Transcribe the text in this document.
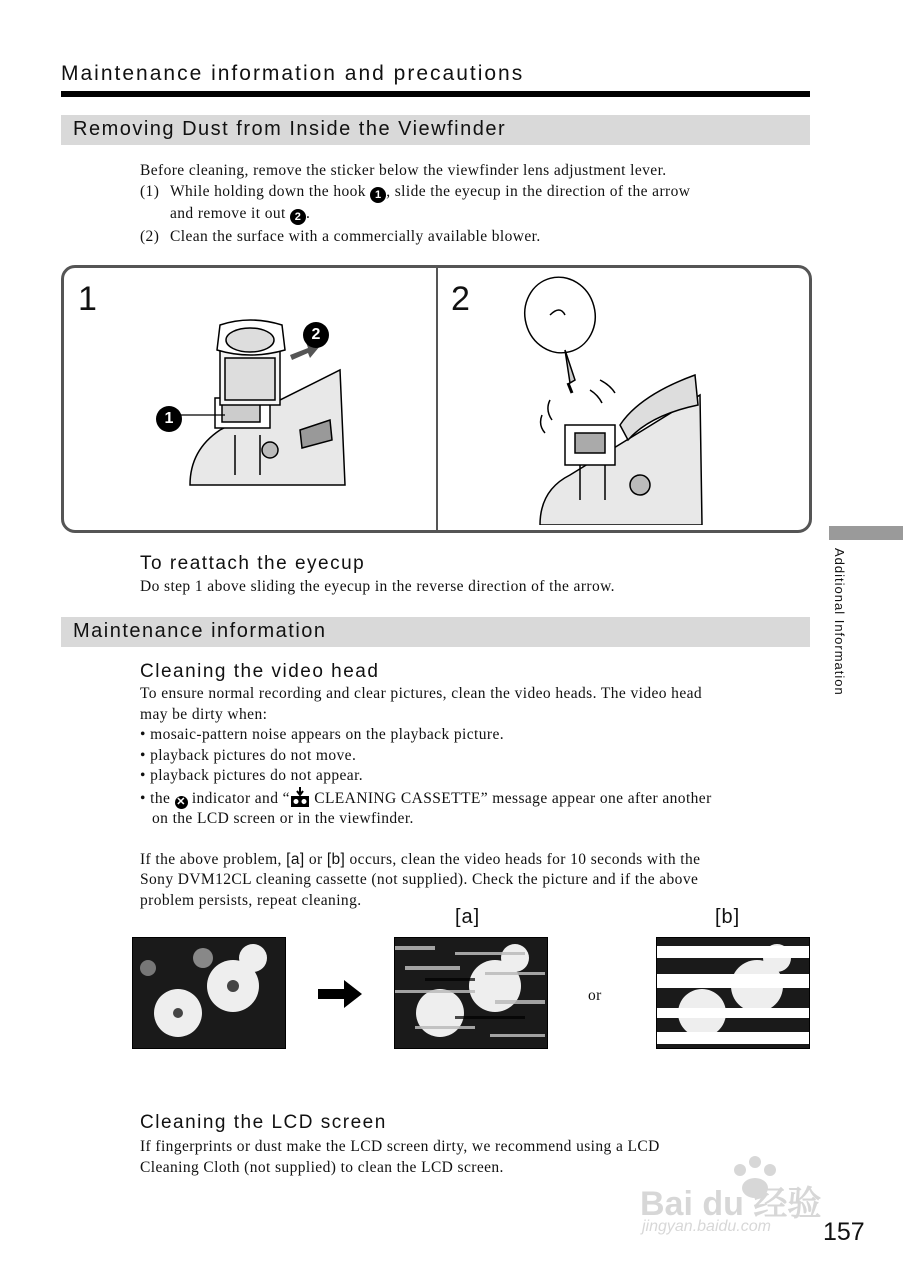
Maintenance information and precautions
Removing Dust from Inside the Viewfinder
Before cleaning, remove the sticker below the viewfinder lens adjustment lever.
(1) While holding down the hook 1 , slide the eyecup in the direction of the arrow
and remove it out 2 .
(2) Clean the surface with a commercially available blower.
1	2
2
1
To reattach the eyecup
Do step 1 above sliding the eyecup in the reverse direction of the arrow.	Additional Information
Maintenance information
Cleaning the video head
To ensure normal recording and clear pictures, clean the video heads. The video head
may be dirty when:
• mosaic-pattern noise appears on the playback picture.
• playback pictures do not move.
• playback pictures do not appear.
• the ✕ indicator and “ CLEANING CASSETTE” message appear one after another
on the LCD screen or in the viewfinder.
If the above problem, [a] or [b] occurs, clean the video heads for 10 seconds with the
Sony DVM12CL cleaning cassette (not supplied). Check the picture and if the above
problem persists, repeat cleaning.
[a]	[b]
or
Cleaning the LCD screen
If fingerprints or dust make the LCD screen dirty, we recommend using a LCD
Cleaning Cloth (not supplied) to clean the LCD screen.
Bai du 经验
jingyan.baidu.com 157
